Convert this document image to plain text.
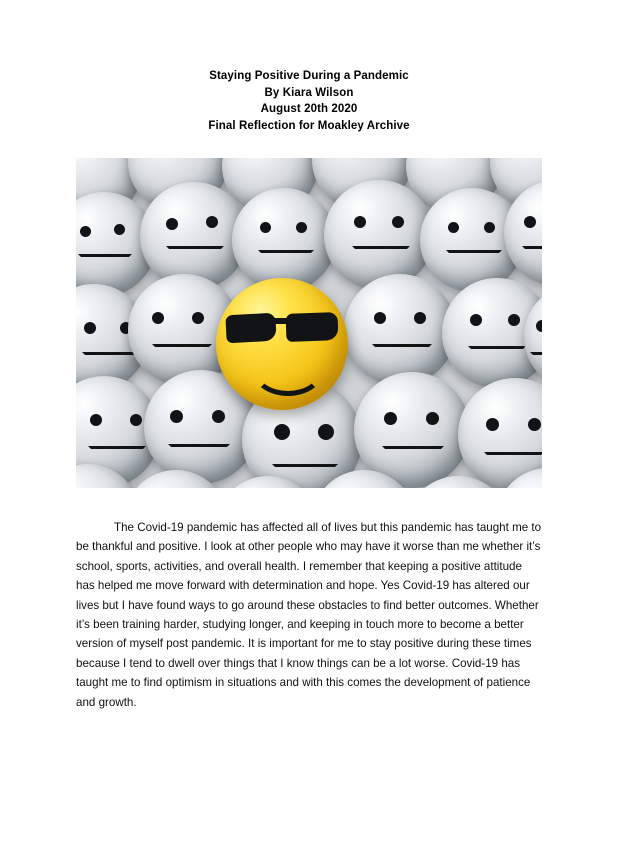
Staying Positive During a Pandemic
By Kiara Wilson
August 20th 2020
Final Reflection for Moakley Archive
The Covid-19 pandemic has affected all of lives but this pandemic has taught me to be thankful and positive. I look at other people who may have it worse than me whether it’s school, sports, activities, and overall health. I remember that keeping a positive attitude has helped me move forward with determination and hope. Yes Covid-19 has altered our lives but I have found ways to go around these obstacles to find better outcomes. Whether it’s been training harder, studying longer, and keeping in touch more to become a better version of myself post pandemic. It is important for me to stay positive during these times because I tend to dwell over things that I know things can be a lot worse. Covid-19 has taught me to find optimism in situations and with this comes the development of patience and growth.
